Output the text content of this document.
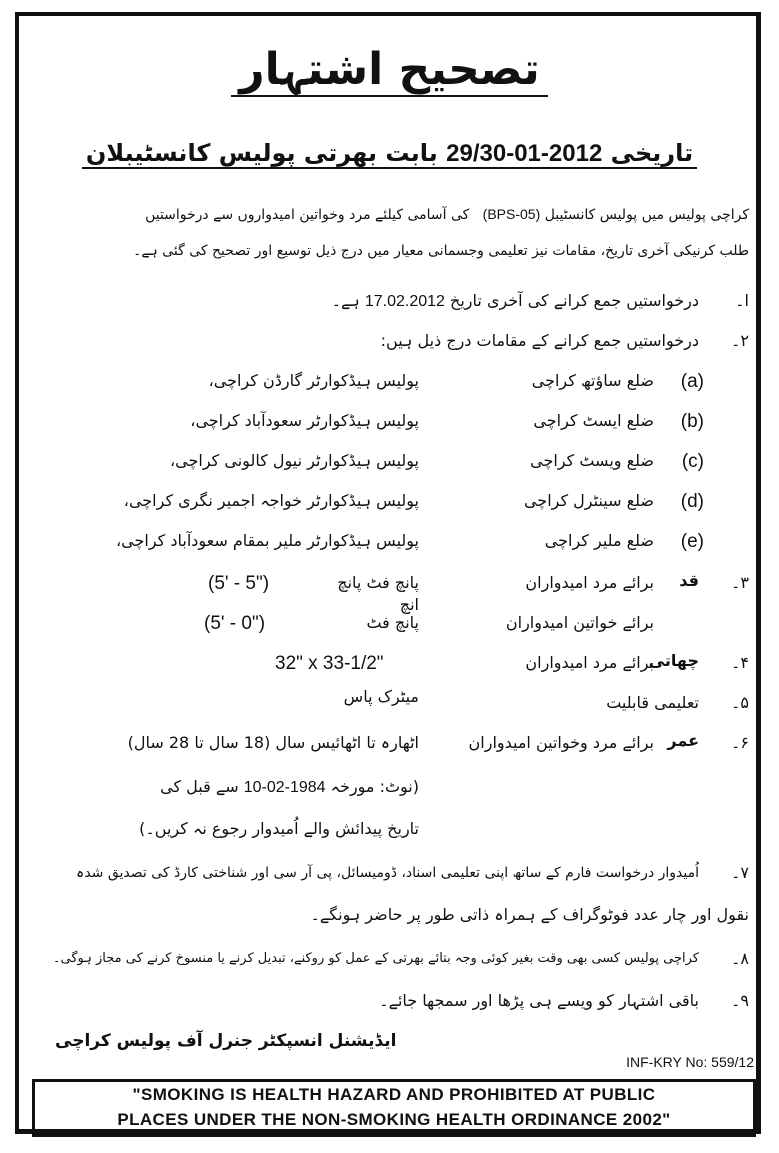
تصحیح اشتہار
تاریخی 29/30-01-2012 بابت بھرتی پولیس کانسٹیبلان
کراچی پولیس میں پولیس کانسٹیبل (BPS-05)   کی آسامی کیلئے مرد وخواتین امیدواروں سے درخواستیں
طلب کرنیکی آخری تاریخ، مقامات نیز تعلیمی وجسمانی معیار میں درج ذیل توسیع اور تصحیح کی گئی ہے۔
ا۔
درخواستیں جمع کرانے کی آخری تاریخ 17.02.2012 ہے۔
۲۔
درخواستیں جمع کرانے کے مقامات درج ذیل ہیں:
(a)
ضلع ساؤتھ کراچی
پولیس ہیڈکوارٹر گارڈن کراچی،
(b)
ضلع ایسٹ کراچی
پولیس ہیڈکوارٹر سعودآباد کراچی،
(c)
ضلع ویسٹ کراچی
پولیس ہیڈکوارٹر نیول کالونی کراچی،
(d)
ضلع سینٹرل کراچی
پولیس ہیڈکوارٹر خواجہ اجمیر نگری کراچی،
(e)
ضلع ملیر کراچی
پولیس ہیڈکوارٹر ملیر بمقام سعودآباد کراچی،
۳۔
قد
برائے مرد امیدواران
پانچ فٹ پانچ انچ
(5' - 5")
برائے خواتین امیدواران
پانچ فٹ
(5' - 0")
۴۔
چھاتی
برائے مرد امیدواران
32" x 33-1/2"
۵۔
تعلیمی قابلیت
میٹرک پاس
۶۔
عمر
برائے مرد وخواتین امیدواران
اٹھارہ تا اٹھائیس سال (18 سال تا 28 سال)
(نوٹ: مورخہ 10-02-1984 سے قبل کی
تاریخ پیدائش والے اُمیدوار رجوع نہ کریں۔)
۷۔
اُمیدوار درخواست فارم کے ساتھ اپنی تعلیمی اسناد، ڈومیسائل، پی آر سی اور شناختی کارڈ کی تصدیق شدہ
نقول اور چار عدد فوٹوگراف کے ہمراہ ذاتی طور پر حاضر ہونگے۔
۸۔
کراچی پولیس کسی بھی وقت بغیر کوئی وجہ بتائے بھرتی کے عمل کو روکنے، تبدیل کرنے یا منسوخ کرنے کی مجاز ہوگی۔
۹۔
باقی اشتہار کو ویسے ہی پڑھا اور سمجھا جائے۔
ایڈیشنل انسپکٹر جنرل آف پولیس کراچی
INF-KRY No: 559/12
"SMOKING IS HEALTH HAZARD AND PROHIBITED AT PUBLIC
PLACES UNDER THE NON-SMOKING HEALTH ORDINANCE 2002"
